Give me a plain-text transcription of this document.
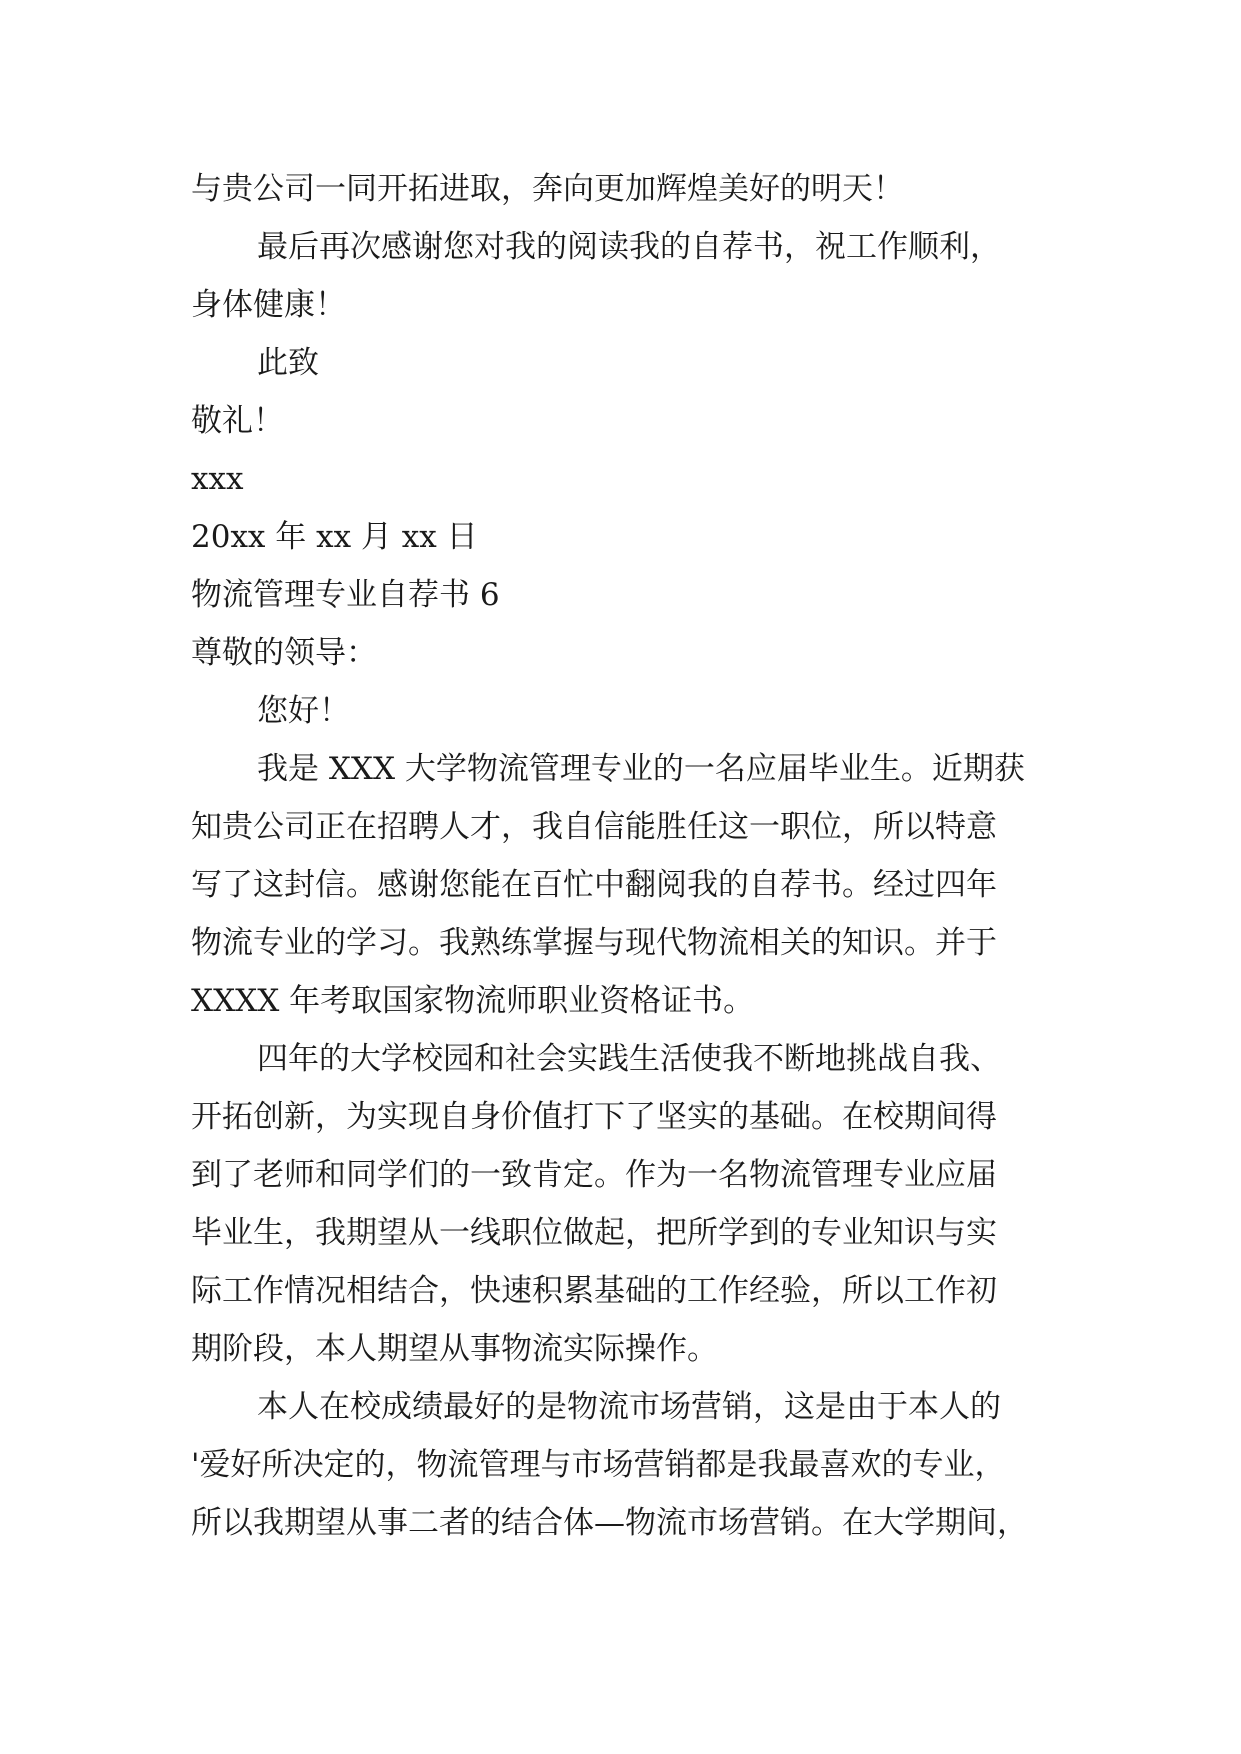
与贵公司一同开拓进取，奔向更加辉煌美好的明天！
最后再次感谢您对我的阅读我的自荐书，祝工作顺利，
身体健康！
此致
敬礼！
xxx
20xx 年 xx 月 xx 日
物流管理专业自荐书 6
尊敬的领导：
您好！
我是 XXX 大学物流管理专业的一名应届毕业生。近期获
知贵公司正在招聘人才，我自信能胜任这一职位，所以特意
写了这封信。感谢您能在百忙中翻阅我的自荐书。经过四年
物流专业的学习。我熟练掌握与现代物流相关的知识。并于
XXXX 年考取国家物流师职业资格证书。
四年的大学校园和社会实践生活使我不断地挑战自我、
开拓创新，为实现自身价值打下了坚实的基础。在校期间得
到了老师和同学们的一致肯定。作为一名物流管理专业应届
毕业生，我期望从一线职位做起，把所学到的专业知识与实
际工作情况相结合，快速积累基础的工作经验，所以工作初
期阶段，本人期望从事物流实际操作。
本人在校成绩最好的是物流市场营销，这是由于本人的
'爱好所决定的，物流管理与市场营销都是我最喜欢的专业，
所以我期望从事二者的结合体—物流市场营销。在大学期间，
